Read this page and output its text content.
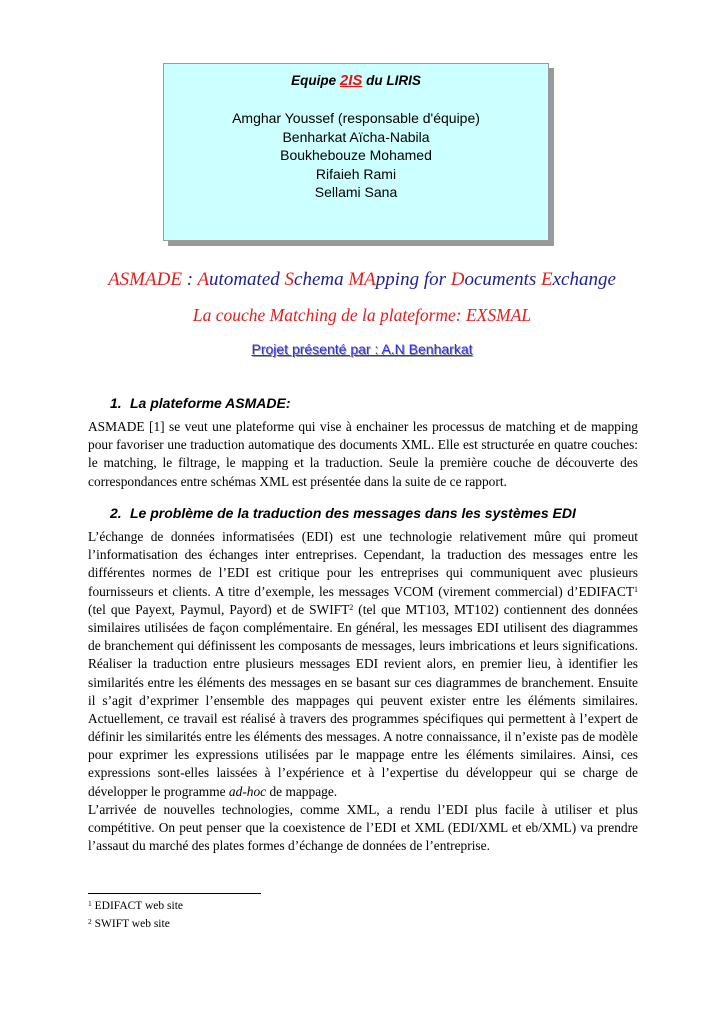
Equipe 2IS du LIRIS
Amghar Youssef (responsable d'équipe)
Benharkat Aïcha-Nabila
Boukhebouze Mohamed
Rifaieh Rami
Sellami Sana
ASMADE : Automated Schema MApping for Documents Exchange
La couche Matching de la plateforme: EXSMAL
Projet présenté par : A.N Benharkat
1. La plateforme ASMADE:
ASMADE [1] se veut une plateforme qui vise à enchainer les processus de matching et de mapping
pour favoriser une traduction automatique des documents XML. Elle est structurée en quatre couches:
le matching, le filtrage, le mapping et la traduction. Seule la première couche de découverte des
correspondances entre schémas XML est présentée dans la suite de ce rapport.
2. Le problème de la traduction des messages dans les systèmes EDI
L’échange de données informatisées (EDI) est une technologie relativement mûre qui promeut
l’informatisation des échanges inter entreprises. Cependant, la traduction des messages entre les
différentes normes de l’EDI est critique pour les entreprises qui communiquent avec plusieurs
fournisseurs et clients. A titre d’exemple, les messages VCOM (virement commercial) d’EDIFACT$^1$
(tel que Payext, Paymul, Payord) et de SWIFT$^2$ (tel que MT103, MT102) contiennent des données
similaires utilisées de façon complémentaire. En général, les messages EDI utilisent des diagrammes
de branchement qui définissent les composants de messages, leurs imbrications et leurs significations.
Réaliser la traduction entre plusieurs messages EDI revient alors, en premier lieu, à identifier les
similarités entre les éléments des messages en se basant sur ces diagrammes de branchement. Ensuite
il s’agit d’exprimer l’ensemble des mappages qui peuvent exister entre les éléments similaires.
Actuellement, ce travail est réalisé à travers des programmes spécifiques qui permettent à l’expert de
définir les similarités entre les éléments des messages. A notre connaissance, il n’existe pas de modèle
pour exprimer les expressions utilisées par le mappage entre les éléments similaires. Ainsi, ces
expressions sont-elles laissées à l’expérience et à l’expertise du développeur qui se charge de
développer le programme ad-hoc de mappage.
L’arrivée de nouvelles technologies, comme XML, a rendu l’EDI plus facile à utiliser et plus
compétitive. On peut penser que la coexistence de l’EDI et XML (EDI/XML et eb/XML) va prendre
l’assaut du marché des plates formes d’échange de données de l’entreprise.
$^1$ EDIFACT web site
$^2$ SWIFT web site
